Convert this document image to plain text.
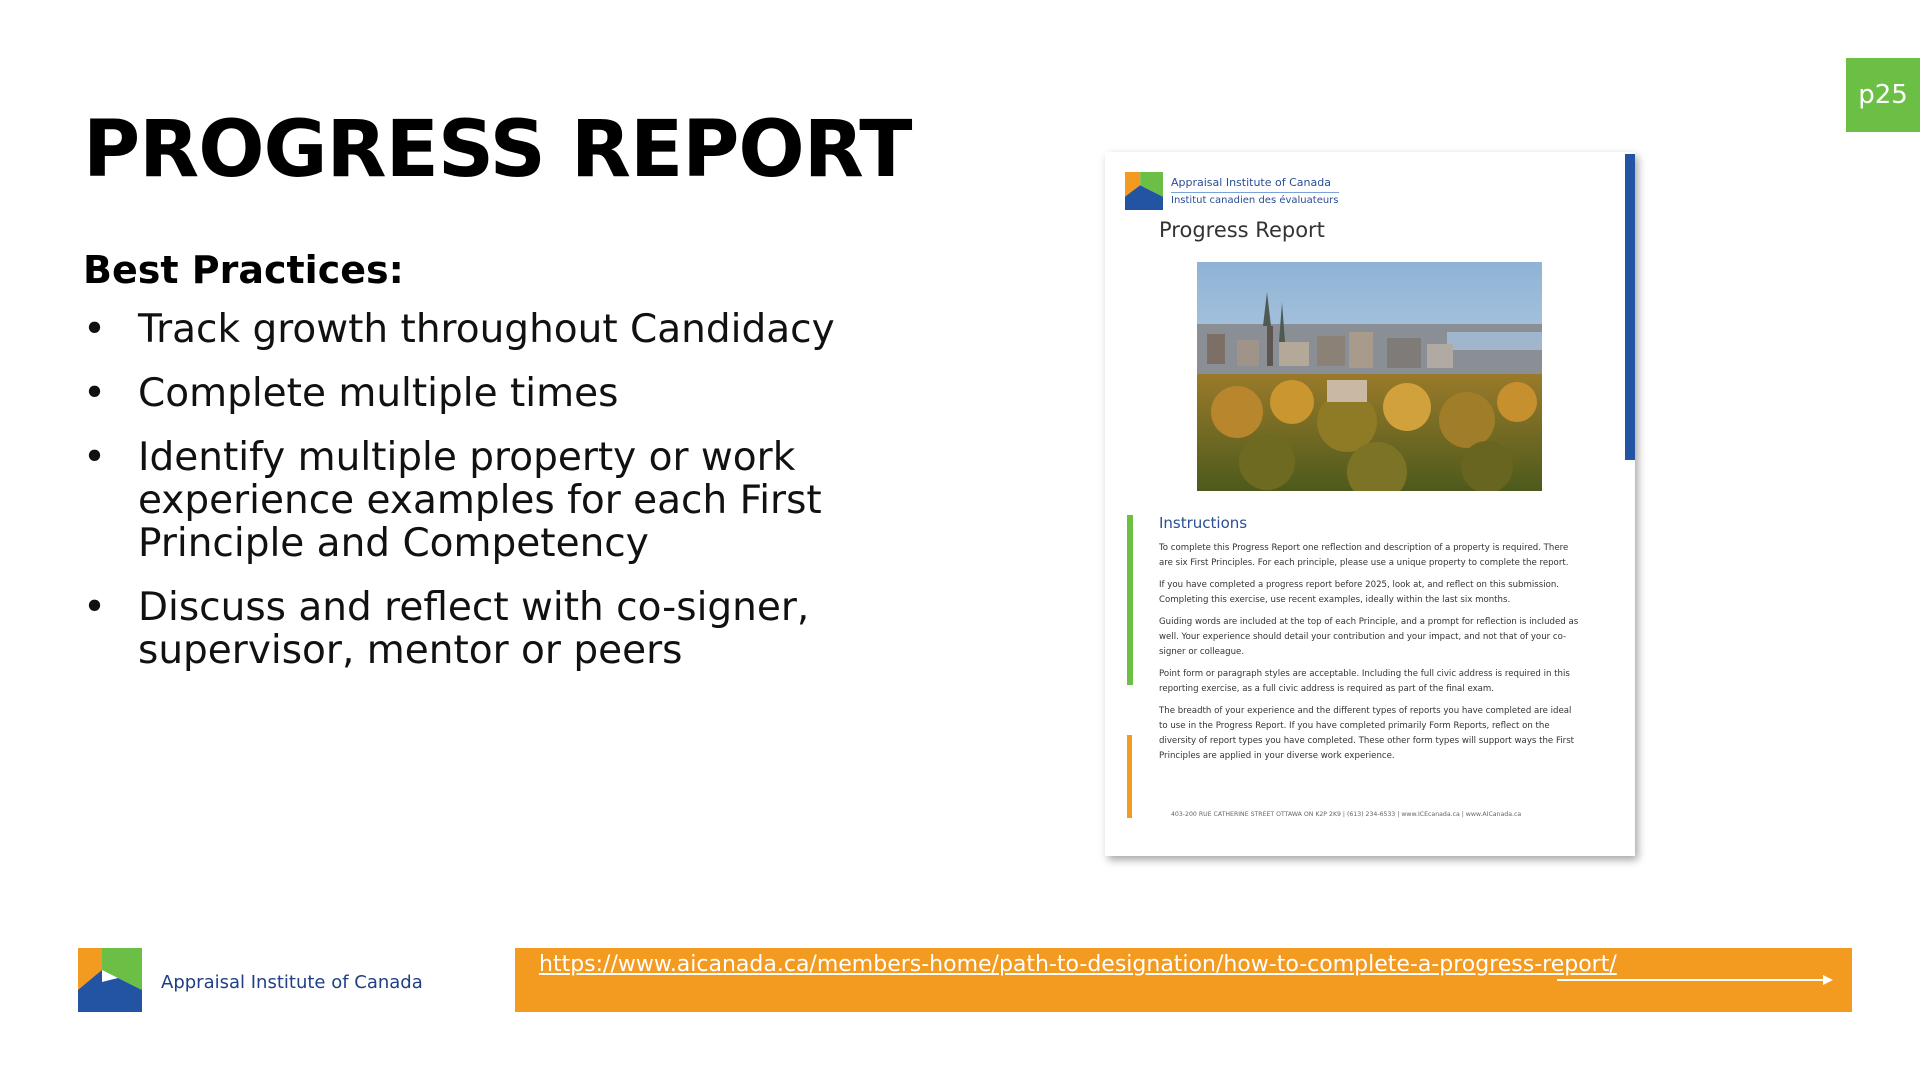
p25
PROGRESS REPORT
Best Practices:
• Track growth throughout Candidacy
• Complete multiple times
• Identify multiple property or work experience examples for each First Principle and Competency
• Discuss and reflect with co-signer, supervisor, mentor or peers
Appraisal Institute of Canada
Institut canadien des évaluateurs
Progress Report
Instructions

To complete this Progress Report one reflection and description of a property is required. There are six First Principles. For each principle, please use a unique property to complete the report.

If you have completed a progress report before 2025, look at, and reflect on this submission. Completing this exercise, use recent examples, ideally within the last six months.

Guiding words are included at the top of each Principle, and a prompt for reflection is included as well. Your experience should detail your contribution and your impact, and not that of your co-signer or colleague.

Point form or paragraph styles are acceptable. Including the full civic address is required in this reporting exercise, as a full civic address is required as part of the final exam.

The breadth of your experience and the different types of reports you have completed are ideal to use in the Progress Report. If you have completed primarily Form Reports, reflect on the diversity of report types you have completed. These other form types will support ways the First Principles are applied in your diverse work experience.

403-200 RUE CATHERINE STREET OTTAWA ON K2P 2K9 | (613) 234-6533 | www.ICEcanada.ca | www.AICanada.ca
Appraisal Institute of Canada
https://www.aicanada.ca/members-home/path-to-designation/how-to-complete-a-progress-report/
